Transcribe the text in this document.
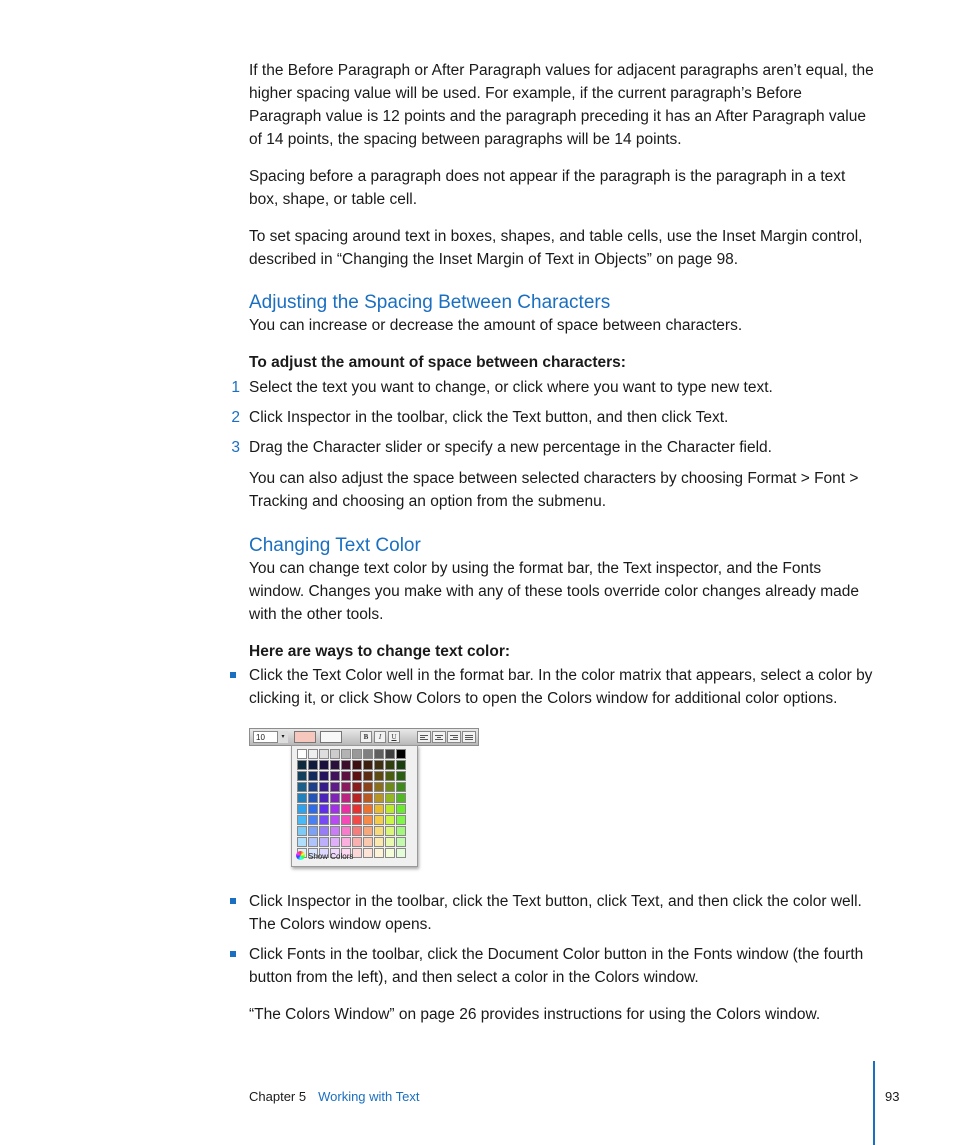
If the Before Paragraph or After Paragraph values for adjacent paragraphs aren’t equal, the higher spacing value will be used. For example, if the current paragraph’s Before Paragraph value is 12 points and the paragraph preceding it has an After Paragraph value of 14 points, the spacing between paragraphs will be 14 points.

Spacing before a paragraph does not appear if the paragraph is the paragraph in a text box, shape, or table cell.

To set spacing around text in boxes, shapes, and table cells, use the Inset Margin control, described in “Changing the Inset Margin of Text in Objects” on page 98.

Adjusting the Spacing Between Characters

You can increase or decrease the amount of space between characters.

To adjust the amount of space between characters:

1 Select the text you want to change, or click where you want to type new text.
2 Click Inspector in the toolbar, click the Text button, and then click Text.
3 Drag the Character slider or specify a new percentage in the Character field.

You can also adjust the space between selected characters by choosing Format > Font > Tracking and choosing an option from the submenu.

Changing Text Color

You can change text color by using the format bar, the Text inspector, and the Fonts window. Changes you make with any of these tools override color changes already made with the other tools.

Here are ways to change text color:

Click the Text Color well in the format bar. In the color matrix that appears, select a color by clicking it, or click Show Colors to open the Colors window for additional color options.
10	▾	B	I	U
Show Colors
Click Inspector in the toolbar, click the Text button, click Text, and then click the color well. The Colors window opens.
Click Fonts in the toolbar, click the Document Color button in the Fonts window (the fourth button from the left), and then select a color in the Colors window.

“The Colors Window” on page 26 provides instructions for using the Colors window.

Chapter 5 Working with Text	93
